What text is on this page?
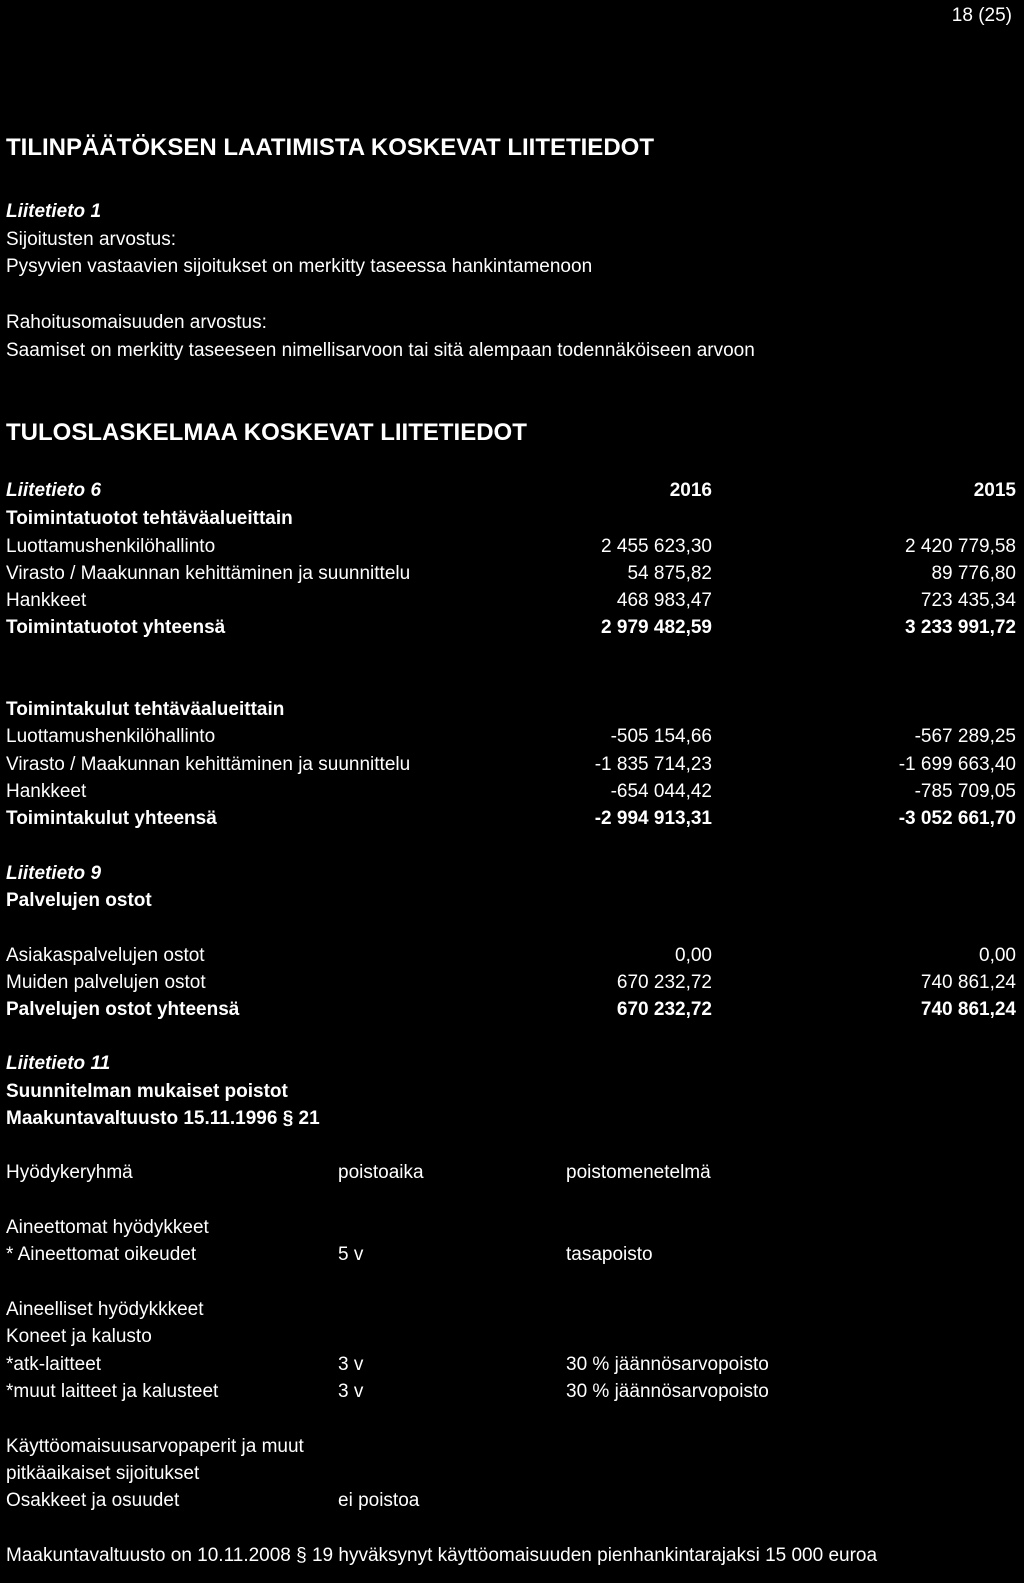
18 (25)
TILINPÄÄTÖKSEN LAATIMISTA KOSKEVAT LIITETIEDOT
Liitetieto 1
Sijoitusten arvostus:
Pysyvien vastaavien sijoitukset on merkitty taseessa hankintamenoon
Rahoitusomaisuuden arvostus:
Saamiset on merkitty taseeseen nimellisarvoon tai sitä alempaan todennäköiseen arvoon
TULOSLASKELMAA KOSKEVAT LIITETIEDOT
Liitetieto 6	2016	2015
Toimintatuotot tehtäväalueittain
Luottamushenkilöhallinto	2 455 623,30	2 420 779,58
Virasto / Maakunnan kehittäminen ja suunnittelu	54 875,82	89 776,80
Hankkeet	468 983,47	723 435,34
Toimintatuotot yhteensä	2 979 482,59	3 233 991,72
Toimintakulut tehtäväalueittain
Luottamushenkilöhallinto	-505 154,66	-567 289,25
Virasto / Maakunnan kehittäminen ja suunnittelu	-1 835 714,23	-1 699 663,40
Hankkeet	-654 044,42	-785 709,05
Toimintakulut yhteensä	-2 994 913,31	-3 052 661,70
Liitetieto 9
Palvelujen ostot
Asiakaspalvelujen ostot	0,00	0,00
Muiden palvelujen ostot	670 232,72	740 861,24
Palvelujen ostot yhteensä	670 232,72	740 861,24
Liitetieto 11
Suunnitelman mukaiset poistot
Maakuntavaltuusto 15.11.1996 § 21
Hyödykeryhmä	poistoaika	poistomenetelmä
Aineettomat hyödykkeet
* Aineettomat oikeudet	5 v	tasapoisto
Aineelliset hyödykkkeet
Koneet ja kalusto
*atk-laitteet	3 v	30 % jäännösarvopoisto
*muut laitteet ja kalusteet	3 v	30 % jäännösarvopoisto
Käyttöomaisuusarvopaperit ja muut
pitkäaikaiset sijoitukset
Osakkeet ja osuudet	ei poistoa
Maakuntavaltuusto on 10.11.2008 § 19 hyväksynyt käyttöomaisuuden pienhankintarajaksi 15 000 euroa
